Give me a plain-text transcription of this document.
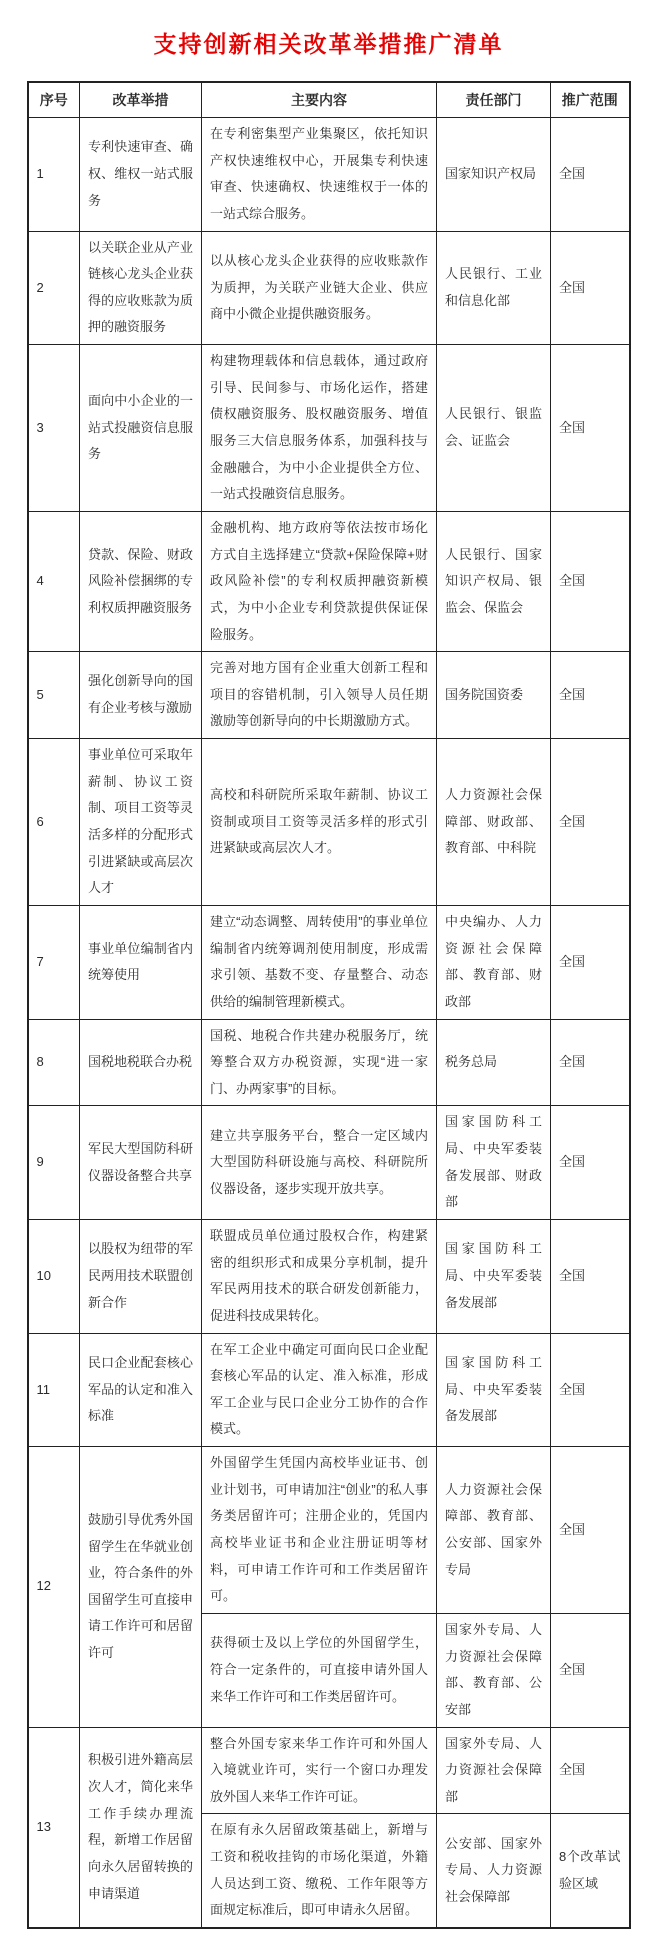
支持创新相关改革举措推广清单
序号	改革举措	主要内容	责任部门	推广范围
1	专利快速审查、确权、维权一站式服务	在专利密集型产业集聚区，依托知识产权快速维权中心，开展集专利快速审查、快速确权、快速维权于一体的一站式综合服务。	国家知识产权局	全国
2	以关联企业从产业链核心龙头企业获得的应收账款为质押的融资服务	以从核心龙头企业获得的应收账款作为质押，为关联产业链大企业、供应商中小微企业提供融资服务。	人民银行、工业和信息化部	全国
3	面向中小企业的一站式投融资信息服务	构建物理载体和信息载体，通过政府引导、民间参与、市场化运作，搭建债权融资服务、股权融资服务、增值服务三大信息服务体系，加强科技与金融融合，为中小企业提供全方位、一站式投融资信息服务。	人民银行、银监会、证监会	全国
4	贷款、保险、财政风险补偿捆绑的专利权质押融资服务	金融机构、地方政府等依法按市场化方式自主选择建立“贷款+保险保障+财政风险补偿”的专利权质押融资新模式，为中小企业专利贷款提供保证保险服务。	人民银行、国家知识产权局、银监会、保监会	全国
5	强化创新导向的国有企业考核与激励	完善对地方国有企业重大创新工程和项目的容错机制，引入领导人员任期激励等创新导向的中长期激励方式。	国务院国资委	全国
6	事业单位可采取年薪制、协议工资制、项目工资等灵活多样的分配形式引进紧缺或高层次人才	高校和科研院所采取年薪制、协议工资制或项目工资等灵活多样的形式引进紧缺或高层次人才。	人力资源社会保障部、财政部、教育部、中科院	全国
7	事业单位编制省内统筹使用	建立“动态调整、周转使用”的事业单位编制省内统筹调剂使用制度，形成需求引领、基数不变、存量整合、动态供给的编制管理新模式。	中央编办、人力资源社会保障部、教育部、财政部	全国
8	国税地税联合办税	国税、地税合作共建办税服务厅，统筹整合双方办税资源，实现“进一家门、办两家事”的目标。	税务总局	全国
9	军民大型国防科研仪器设备整合共享	建立共享服务平台，整合一定区域内大型国防科研设施与高校、科研院所仪器设备，逐步实现开放共享。	国家国防科工局、中央军委装备发展部、财政部	全国
10	以股权为纽带的军民两用技术联盟创新合作	联盟成员单位通过股权合作，构建紧密的组织形式和成果分享机制，提升军民两用技术的联合研发创新能力，促进科技成果转化。	国家国防科工局、中央军委装备发展部	全国
11	民口企业配套核心军品的认定和准入标准	在军工企业中确定可面向民口企业配套核心军品的认定、准入标准，形成军工企业与民口企业分工协作的合作模式。	国家国防科工局、中央军委装备发展部	全国
12	鼓励引导优秀外国留学生在华就业创业，符合条件的外国留学生可直接申请工作许可和居留许可	外国留学生凭国内高校毕业证书、创业计划书，可申请加注“创业”的私人事务类居留许可；注册企业的，凭国内高校毕业证书和企业注册证明等材料，可申请工作许可和工作类居留许可。	人力资源社会保障部、教育部、公安部、国家外专局	全国
		获得硕士及以上学位的外国留学生，符合一定条件的，可直接申请外国人来华工作许可和工作类居留许可。	国家外专局、人力资源社会保障部、教育部、公安部	全国
13	积极引进外籍高层次人才，简化来华工作手续办理流程，新增工作居留向永久居留转换的申请渠道	整合外国专家来华工作许可和外国人入境就业许可，实行一个窗口办理发放外国人来华工作许可证。	国家外专局、人力资源社会保障部	全国
		在原有永久居留政策基础上，新增与工资和税收挂钩的市场化渠道，外籍人员达到工资、缴税、工作年限等方面规定标准后，即可申请永久居留。	公安部、国家外专局、人力资源社会保障部	8个改革试验区域
